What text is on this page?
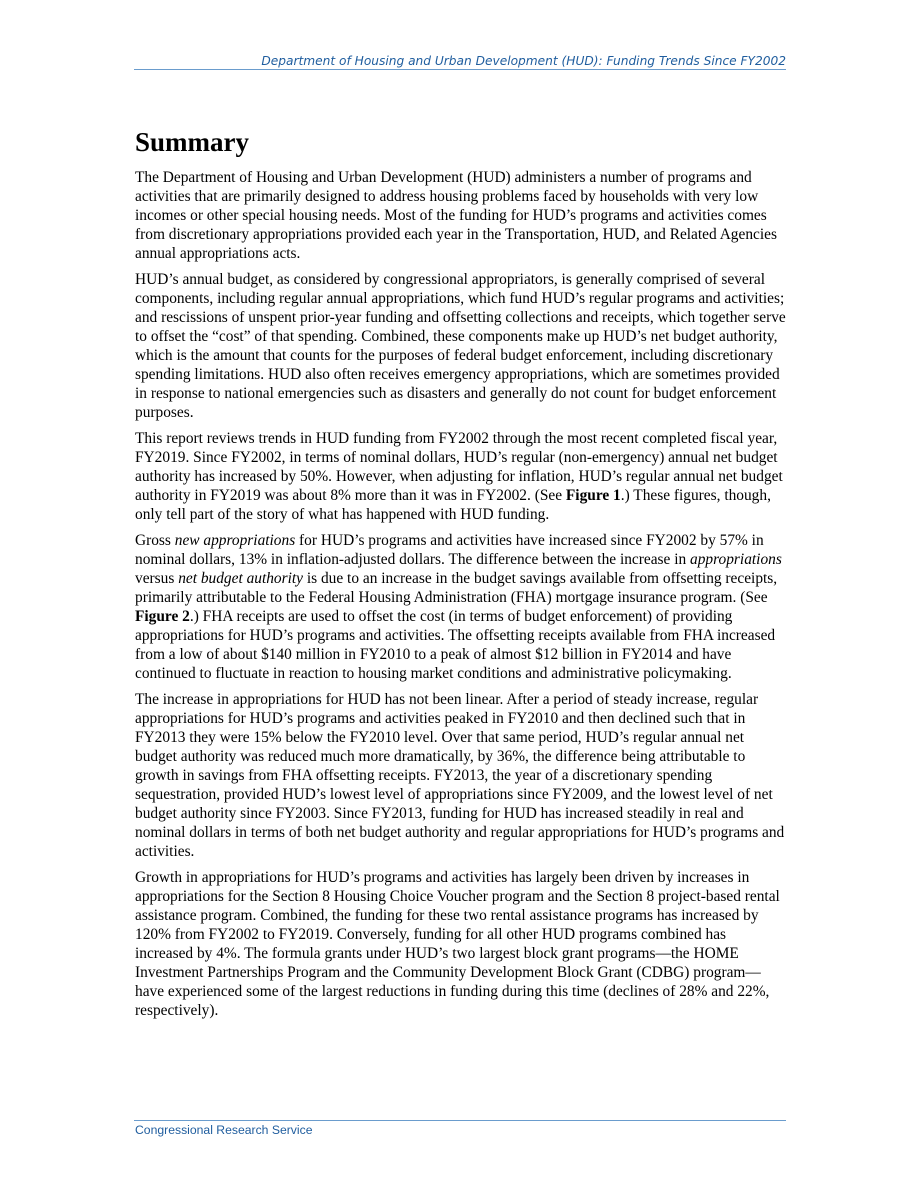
Department of Housing and Urban Development (HUD): Funding Trends Since FY2002
Summary

The Department of Housing and Urban Development (HUD) administers a number of programs and activities that are primarily designed to address housing problems faced by households with very low incomes or other special housing needs. Most of the funding for HUD’s programs and activities comes from discretionary appropriations provided each year in the Transportation, HUD, and Related Agencies annual appropriations acts.

HUD’s annual budget, as considered by congressional appropriators, is generally comprised of several components, including regular annual appropriations, which fund HUD’s regular programs and activities; and rescissions of unspent prior-year funding and offsetting collections and receipts, which together serve to offset the “cost” of that spending. Combined, these components make up HUD’s net budget authority, which is the amount that counts for the purposes of federal budget enforcement, including discretionary spending limitations. HUD also often receives emergency appropriations, which are sometimes provided in response to national emergencies such as disasters and generally do not count for budget enforcement purposes.

This report reviews trends in HUD funding from FY2002 through the most recent completed fiscal year, FY2019. Since FY2002, in terms of nominal dollars, HUD’s regular (non-emergency) annual net budget authority has increased by 50%. However, when adjusting for inflation, HUD’s regular annual net budget authority in FY2019 was about 8% more than it was in FY2002. (See Figure 1.) These figures, though, only tell part of the story of what has happened with HUD funding.

Gross new appropriations for HUD’s programs and activities have increased since FY2002 by 57% in nominal dollars, 13% in inflation-adjusted dollars. The difference between the increase in appropriations versus net budget authority is due to an increase in the budget savings available from offsetting receipts, primarily attributable to the Federal Housing Administration (FHA) mortgage insurance program. (See Figure 2.) FHA receipts are used to offset the cost (in terms of budget enforcement) of providing appropriations for HUD’s programs and activities. The offsetting receipts available from FHA increased from a low of about $140 million in FY2010 to a peak of almost $12 billion in FY2014 and have continued to fluctuate in reaction to housing market conditions and administrative policymaking.

The increase in appropriations for HUD has not been linear. After a period of steady increase, regular appropriations for HUD’s programs and activities peaked in FY2010 and then declined such that in FY2013 they were 15% below the FY2010 level. Over that same period, HUD’s regular annual net budget authority was reduced much more dramatically, by 36%, the difference being attributable to growth in savings from FHA offsetting receipts. FY2013, the year of a discretionary spending sequestration, provided HUD’s lowest level of appropriations since FY2009, and the lowest level of net budget authority since FY2003. Since FY2013, funding for HUD has increased steadily in real and nominal dollars in terms of both net budget authority and regular appropriations for HUD’s programs and activities.

Growth in appropriations for HUD’s programs and activities has largely been driven by increases in appropriations for the Section 8 Housing Choice Voucher program and the Section 8 project-based rental assistance program. Combined, the funding for these two rental assistance programs has increased by 120% from FY2002 to FY2019. Conversely, funding for all other HUD programs combined has increased by 4%. The formula grants under HUD’s two largest block grant programs—the HOME Investment Partnerships Program and the Community Development Block Grant (CDBG) program—have experienced some of the largest reductions in funding during this time (declines of 28% and 22%, respectively).

Congressional Research Service
